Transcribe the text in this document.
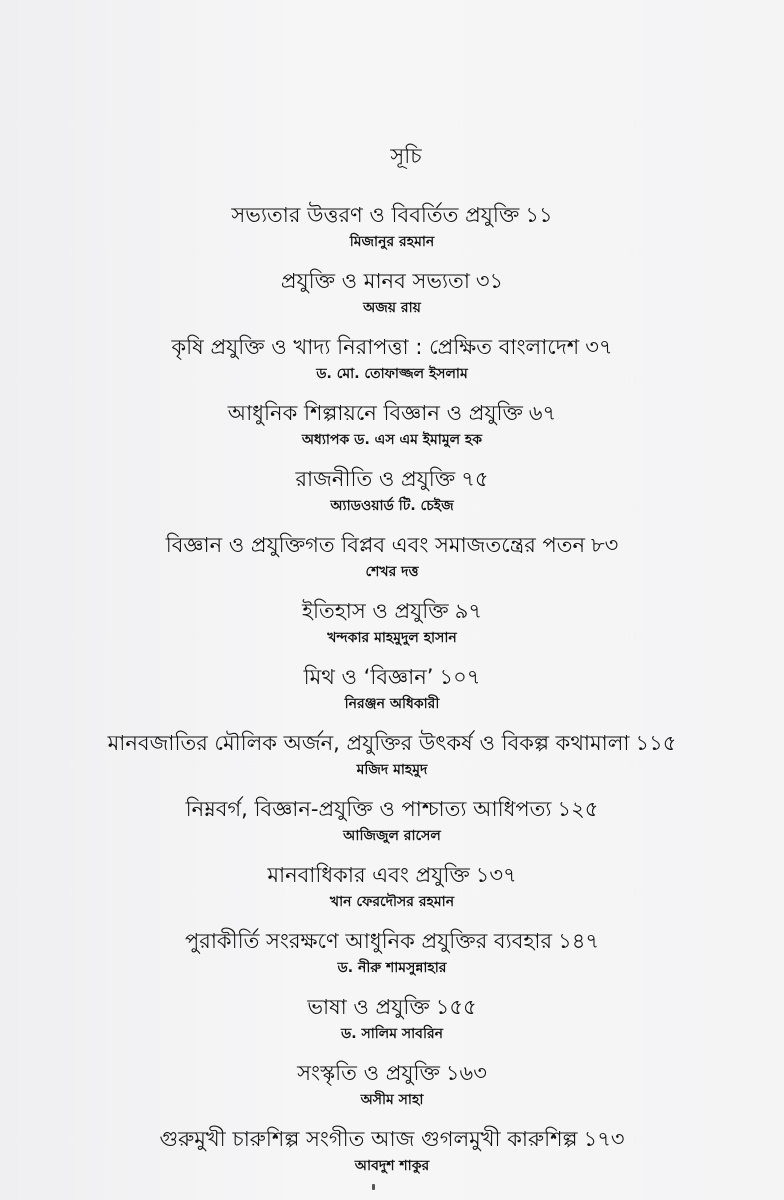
সূচি
সভ্যতার উত্তরণ ও বিবর্তিত প্রযুক্তি ১১
মিজানুর রহমান
প্রযুক্তি ও মানব সভ্যতা ৩১
অজয় রায়
কৃষি প্রযুক্তি ও খাদ্য নিরাপত্তা : প্রেক্ষিত বাংলাদেশ ৩৭
ড. মো. তোফাজ্জল ইসলাম
আধুনিক শিল্পায়নে বিজ্ঞান ও প্রযুক্তি ৬৭
অধ্যাপক ড. এস এম ইমামুল হক
রাজনীতি ও প্রযুক্তি ৭৫
অ্যাডওয়ার্ড টি. চেইজ
বিজ্ঞান ও প্রযুক্তিগত বিপ্লব এবং সমাজতন্ত্রের পতন ৮৩
শেখর দত্ত
ইতিহাস ও প্রযুক্তি ৯৭
খন্দকার মাহমুদুল হাসান
মিথ ও ‘বিজ্ঞান’ ১০৭
নিরঞ্জন অধিকারী
মানবজাতির মৌলিক অর্জন, প্রযুক্তির উৎকর্ষ ও বিকল্প কথামালা ১১৫
মজিদ মাহমুদ
নিম্নবর্গ, বিজ্ঞান-প্রযুক্তি ও পাশ্চাত্য আধিপত্য ১২৫
আজিজুল রাসেল
মানবাধিকার এবং প্রযুক্তি ১৩৭
খান ফেরদৌসর রহমান
পুরাকীর্তি সংরক্ষণে আধুনিক প্রযুক্তির ব্যবহার ১৪৭
ড. নীরু শামসুন্নাহার
ভাষা ও প্রযুক্তি ১৫৫
ড. সালিম সাবরিন
সংস্কৃতি ও প্রযুক্তি ১৬৩
অসীম সাহা
গুরুমুখী চারুশিল্প সংগীত আজ গুগলমুখী কারুশিল্প ১৭৩
আবদুশ শাকুর
